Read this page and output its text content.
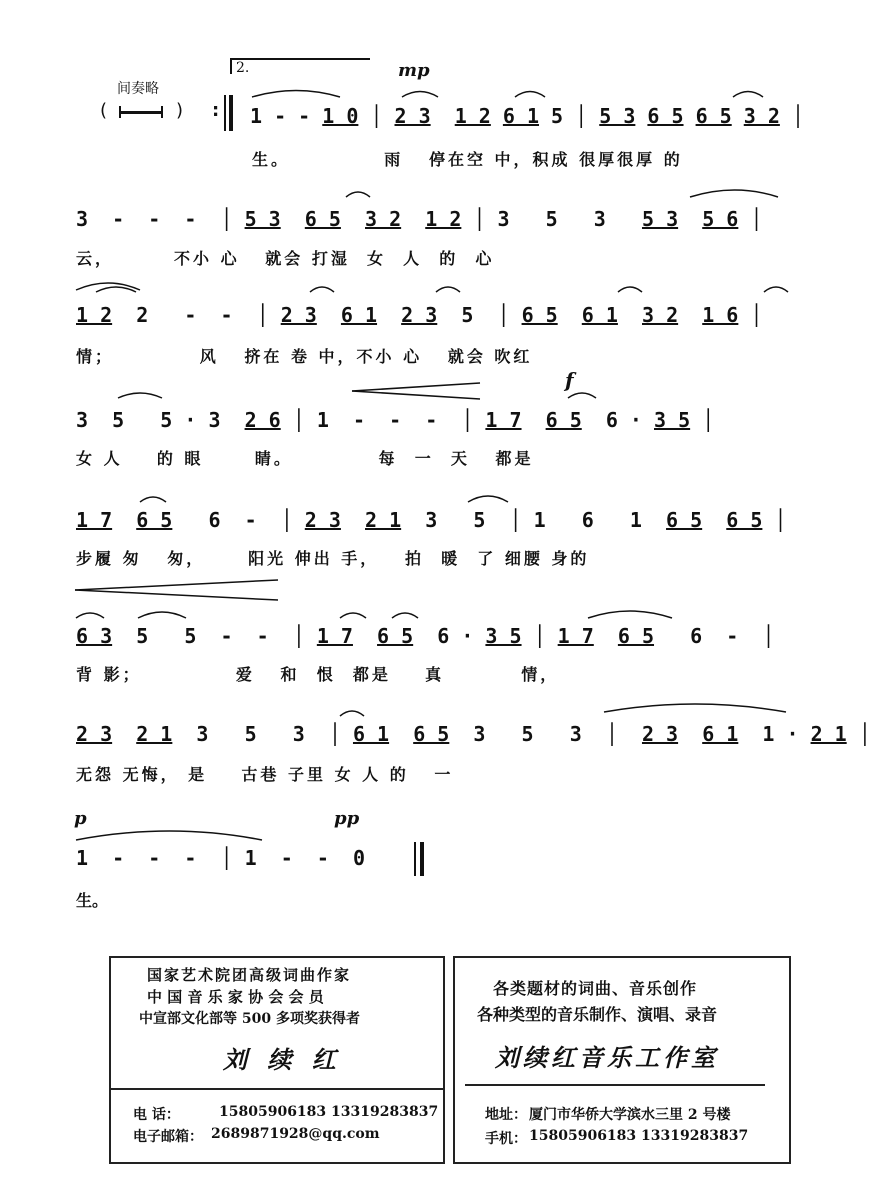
间奏略
(	) :
2.	mp
f
p	pp
1 - - 1 0 │ 2 3 1 2 6 1 5 │ 5 3 6 5 6 5 3 2 │
生。           雨   停在空 中，积成 很厚很厚 的
3  -  -  -  │ 5 3 6 5 3 2 1 2 │ 3   5   3   5 3 5 6 │
云，       不小 心   就会 打湿  女  人  的  心
1 2  2   -  -  │ 2 3 6 1 2 3  5  │ 6 5 6 1 3 2 1 6 │
情；          风   挤在 卷 中，不小 心   就会 吹红
3  5   5 · 3  2 6 │ 1  -  -  -  │ 1 7 6 5  6 · 3 5 │
女 人    的 眼      睛。          每  一  天   都是
1 7 6 5   6  -  │ 2 3 2 1  3   5  │ 1   6   1  6 5 6 5 │
步履 匆   匆，     阳光 伸出 手，   拍  暖  了 细腰 身的
6 3  5   5  -  -  │ 1 7 6 5  6 · 3 5 │ 1 7 6 5   6  -  │
背 影；           爱   和  恨  都是    真         情，
2 3 2 1  3   5   3  │ 6 1 6 5  3   5   3  │  2 3 6 1  1 · 2 1 │
无怨 无悔， 是    古巷 子里 女 人 的   一
1  -  -  -  │ 1  -  -  0
生。
国家艺术院团高级词曲作家
中 国 音 乐 家 协 会 会 员
中宣部文化部等 500 多项奖获得者
刘 续 红
电 话：	15805906183 13319283837
电子邮箱： 2689871928@qq.com
各类题材的词曲、音乐创作
各种类型的音乐制作、演唱、录音
刘续红音乐工作室
地址： 厦门市华侨大学滨水三里 2 号楼
手机： 15805906183 13319283837
